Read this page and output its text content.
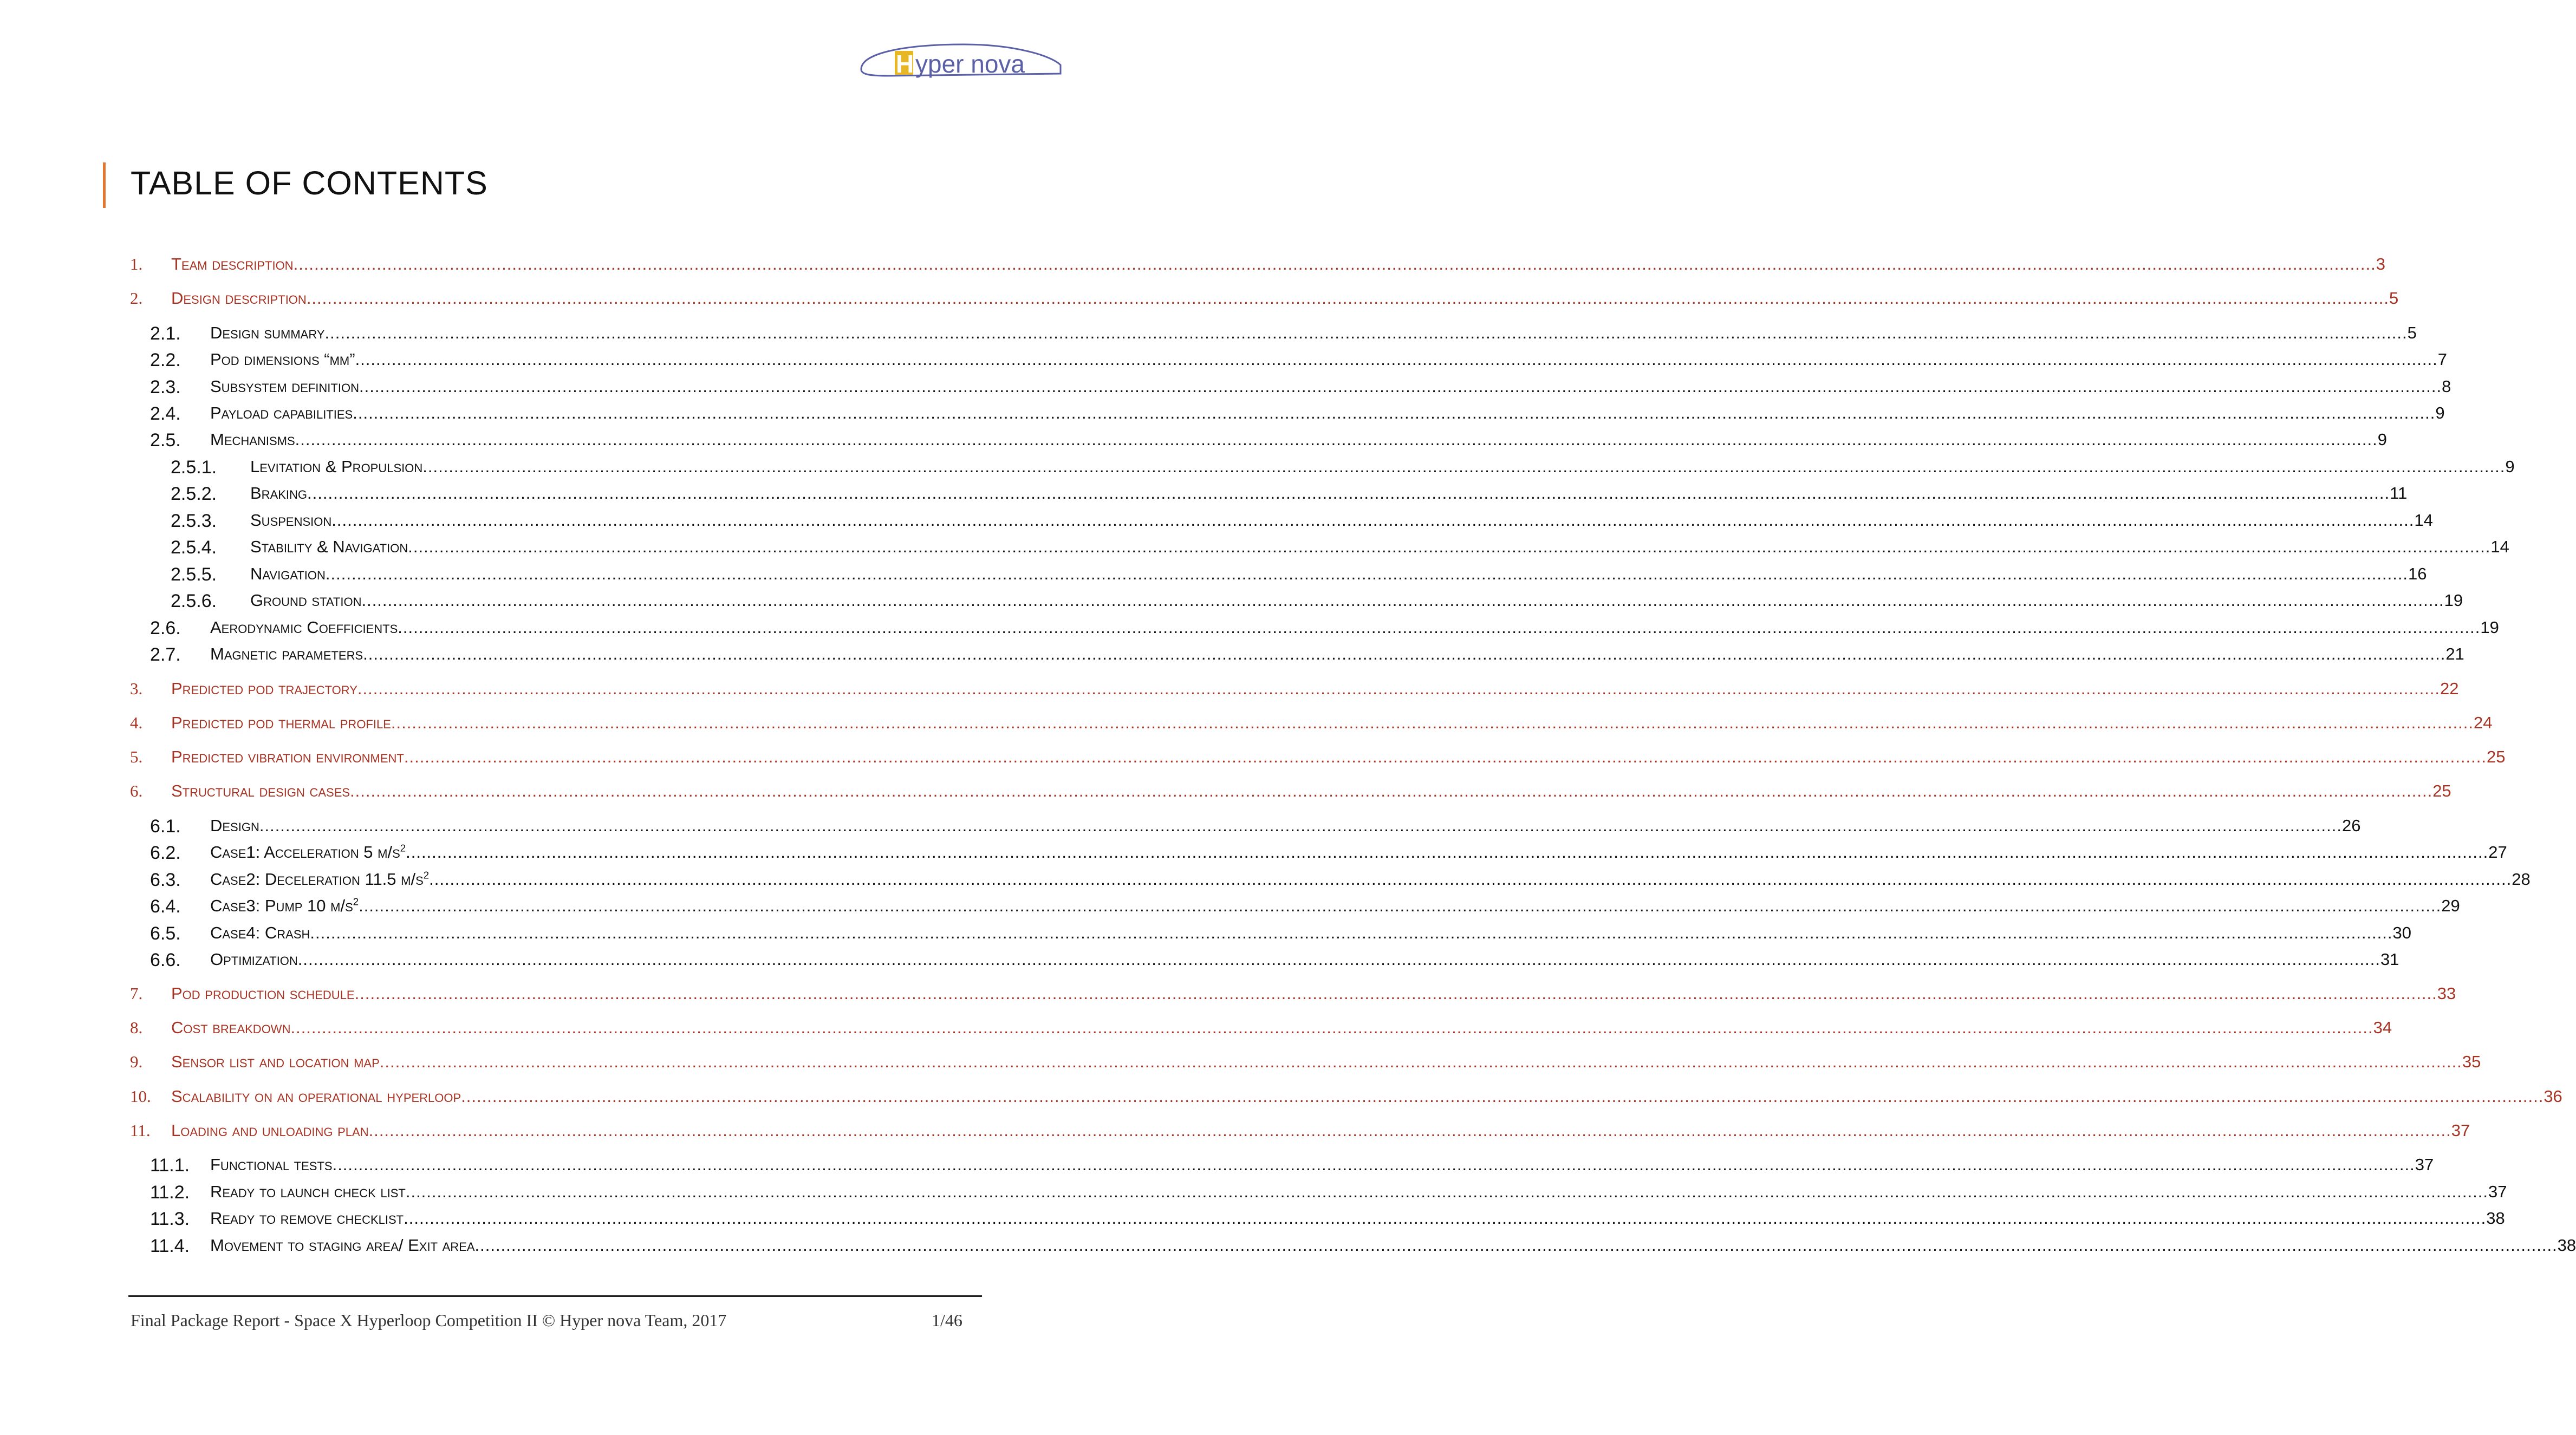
H yper nova
TABLE OF CONTENTS
1. Team description ................................................................................................................................................................................................................................................................................................................................................................................................................ 3
2. Design description ................................................................................................................................................................................................................................................................................................................................................................................................................ 5
2.1. Design summary ................................................................................................................................................................................................................................................................................................................................................................................................................ 5
2.2. Pod dimensions “mm” ................................................................................................................................................................................................................................................................................................................................................................................................................ 7
2.3. Subsystem definition ................................................................................................................................................................................................................................................................................................................................................................................................................ 8
2.4. Payload capabilities ................................................................................................................................................................................................................................................................................................................................................................................................................ 9
2.5. Mechanisms ................................................................................................................................................................................................................................................................................................................................................................................................................ 9
2.5.1. Levitation & Propulsion ................................................................................................................................................................................................................................................................................................................................................................................................................ 9
2.5.2. Braking ................................................................................................................................................................................................................................................................................................................................................................................................................ 11
2.5.3. Suspension ................................................................................................................................................................................................................................................................................................................................................................................................................ 14
2.5.4. Stability & Navigation ................................................................................................................................................................................................................................................................................................................................................................................................................ 14
2.5.5. Navigation ................................................................................................................................................................................................................................................................................................................................................................................................................ 16
2.5.6. Ground station ................................................................................................................................................................................................................................................................................................................................................................................................................ 19
2.6. Aerodynamic Coefficients ................................................................................................................................................................................................................................................................................................................................................................................................................ 19
2.7. Magnetic parameters ................................................................................................................................................................................................................................................................................................................................................................................................................ 21
3. Predicted pod trajectory ................................................................................................................................................................................................................................................................................................................................................................................................................ 22
4. Predicted pod thermal profile ................................................................................................................................................................................................................................................................................................................................................................................................................ 24
5. Predicted vibration environment ................................................................................................................................................................................................................................................................................................................................................................................................................ 25
6. Structural design cases ................................................................................................................................................................................................................................................................................................................................................................................................................ 25
6.1. Design ................................................................................................................................................................................................................................................................................................................................................................................................................ 26
6.2. Case1: Acceleration 5 $m/s^2$ ................................................................................................................................................................................................................................................................................................................................................................................................................ 27
6.3. Case2: Deceleration 11.5 $m/s^2$ ................................................................................................................................................................................................................................................................................................................................................................................................................ 28
6.4. Case3: Pump 10 $m/s^2$ ................................................................................................................................................................................................................................................................................................................................................................................................................ 29
6.5. Case4: Crash ................................................................................................................................................................................................................................................................................................................................................................................................................ 30
6.6. Optimization ................................................................................................................................................................................................................................................................................................................................................................................................................ 31
7. Pod production schedule ................................................................................................................................................................................................................................................................................................................................................................................................................ 33
8. Cost breakdown ................................................................................................................................................................................................................................................................................................................................................................................................................ 34
9. Sensor list and location map ................................................................................................................................................................................................................................................................................................................................................................................................................ 35
10. Scalability on an operational hyperloop ................................................................................................................................................................................................................................................................................................................................................................................................................ 36
11. Loading and unloading plan ................................................................................................................................................................................................................................................................................................................................................................................................................ 37
11.1. Functional tests ................................................................................................................................................................................................................................................................................................................................................................................................................ 37
11.2. Ready to launch check list ................................................................................................................................................................................................................................................................................................................................................................................................................ 37
11.3. Ready to remove checklist ................................................................................................................................................................................................................................................................................................................................................................................................................ 38
11.4. Movement to staging area/ Exit area ................................................................................................................................................................................................................................................................................................................................................................................................................ 38
Final Package Report - Space X Hyperloop Competition II © Hyper nova Team, 2017	1/46
